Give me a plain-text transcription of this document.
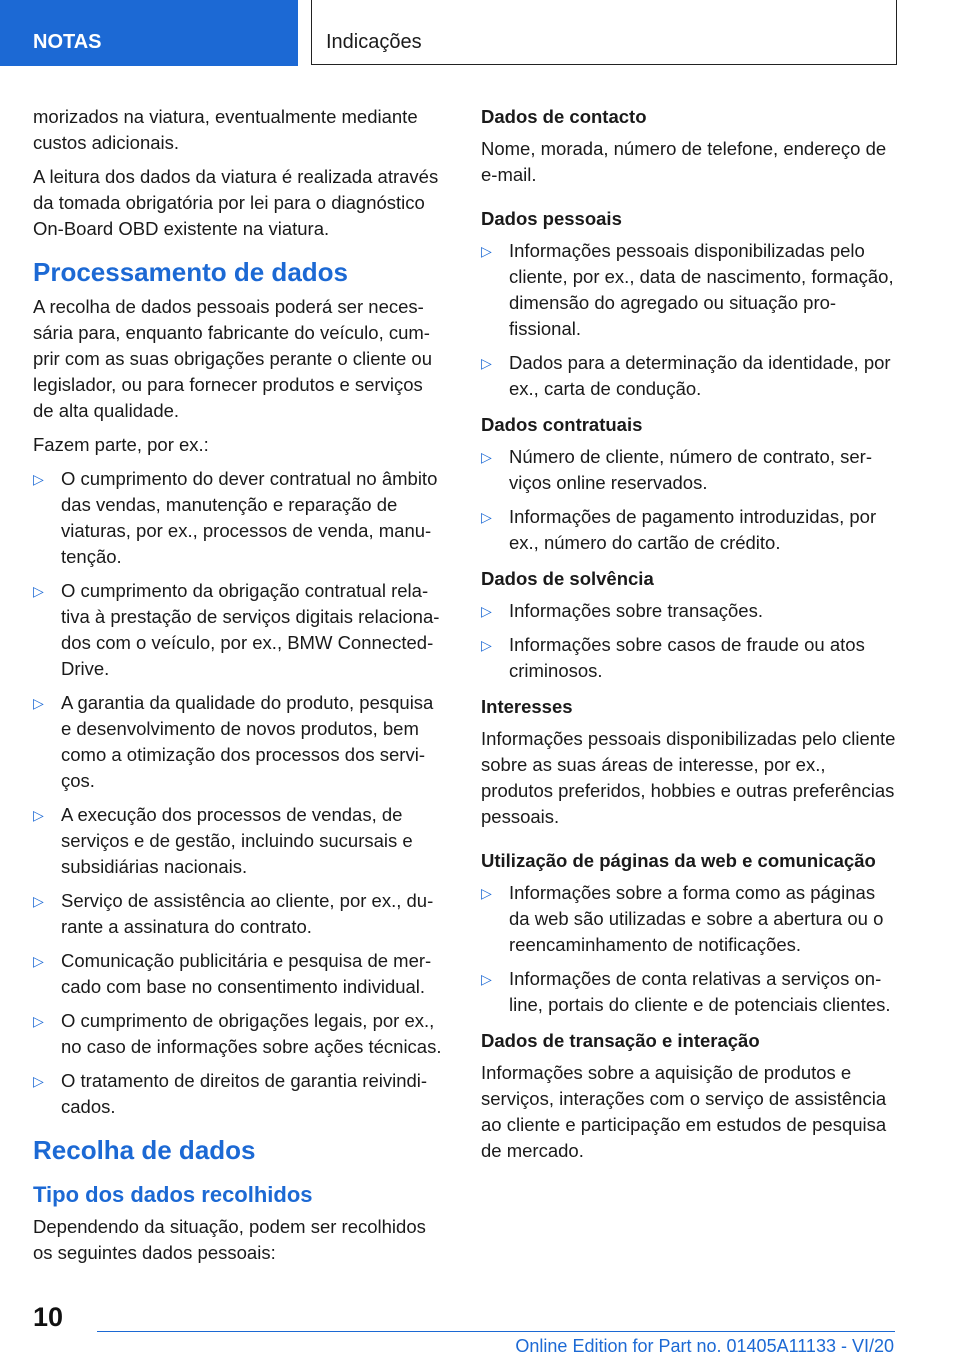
NOTAS	Indicações

morizados na viatura, eventualmente mediante custos adicionais.

A leitura dos dados da viatura é realizada através da tomada obrigatória por lei para o diagnóstico On-Board OBD existente na viatura.

Processamento de dados

A recolha de dados pessoais poderá ser necessária para, enquanto fabricante do veículo, cumprir com as suas obrigações perante o cliente ou legislador, ou para fornecer produtos e serviços de alta qualidade.

Fazem parte, por ex.:

▷ O cumprimento do dever contratual no âmbito das vendas, manutenção e reparação de viaturas, por ex., processos de venda, manutenção.
▷ O cumprimento da obrigação contratual relativa à prestação de serviços digitais relacionados com o veículo, por ex., BMW ConnectedDrive.
▷ A garantia da qualidade do produto, pesquisa e desenvolvimento de novos produtos, bem como a otimização dos processos dos serviços.
▷ A execução dos processos de vendas, de serviços e de gestão, incluindo sucursais e subsidiárias nacionais.
▷ Serviço de assistência ao cliente, por ex., durante a assinatura do contrato.
▷ Comunicação publicitária e pesquisa de mercado com base no consentimento individual.
▷ O cumprimento de obrigações legais, por ex., no caso de informações sobre ações técnicas.
▷ O tratamento de direitos de garantia reivindicados.
Recolha de dados
Tipo dos dados recolhidos

Dependendo da situação, podem ser recolhidos os seguintes dados pessoais:

Dados de contacto

Nome, morada, número de telefone, endereço de e-mail.

Dados pessoais
▷ Informações pessoais disponibilizadas pelo cliente, por ex., data de nascimento, formação, dimensão do agregado ou situação profissional.
▷ Dados para a determinação da identidade, por ex., carta de condução.
Dados contratuais
▷ Número de cliente, número de contrato, serviços online reservados.
▷ Informações de pagamento introduzidas, por ex., número do cartão de crédito.
Dados de solvência
▷ Informações sobre transações.
▷ Informações sobre casos de fraude ou atos criminosos.
Interesses

Informações pessoais disponibilizadas pelo cliente sobre as suas áreas de interesse, por ex., produtos preferidos, hobbies e outras preferências pessoais.

Utilização de páginas da web e comunicação
▷ Informações sobre a forma como as páginas da web são utilizadas e sobre a abertura ou o reencaminhamento de notificações.
▷ Informações de conta relativas a serviços online, portais do cliente e de potenciais clientes.
Dados de transação e interação

Informações sobre a aquisição de produtos e serviços, interações com o serviço de assistência ao cliente e participação em estudos de pesquisa de mercado.

10
Online Edition for Part no. 01405A11133 - VI/20
